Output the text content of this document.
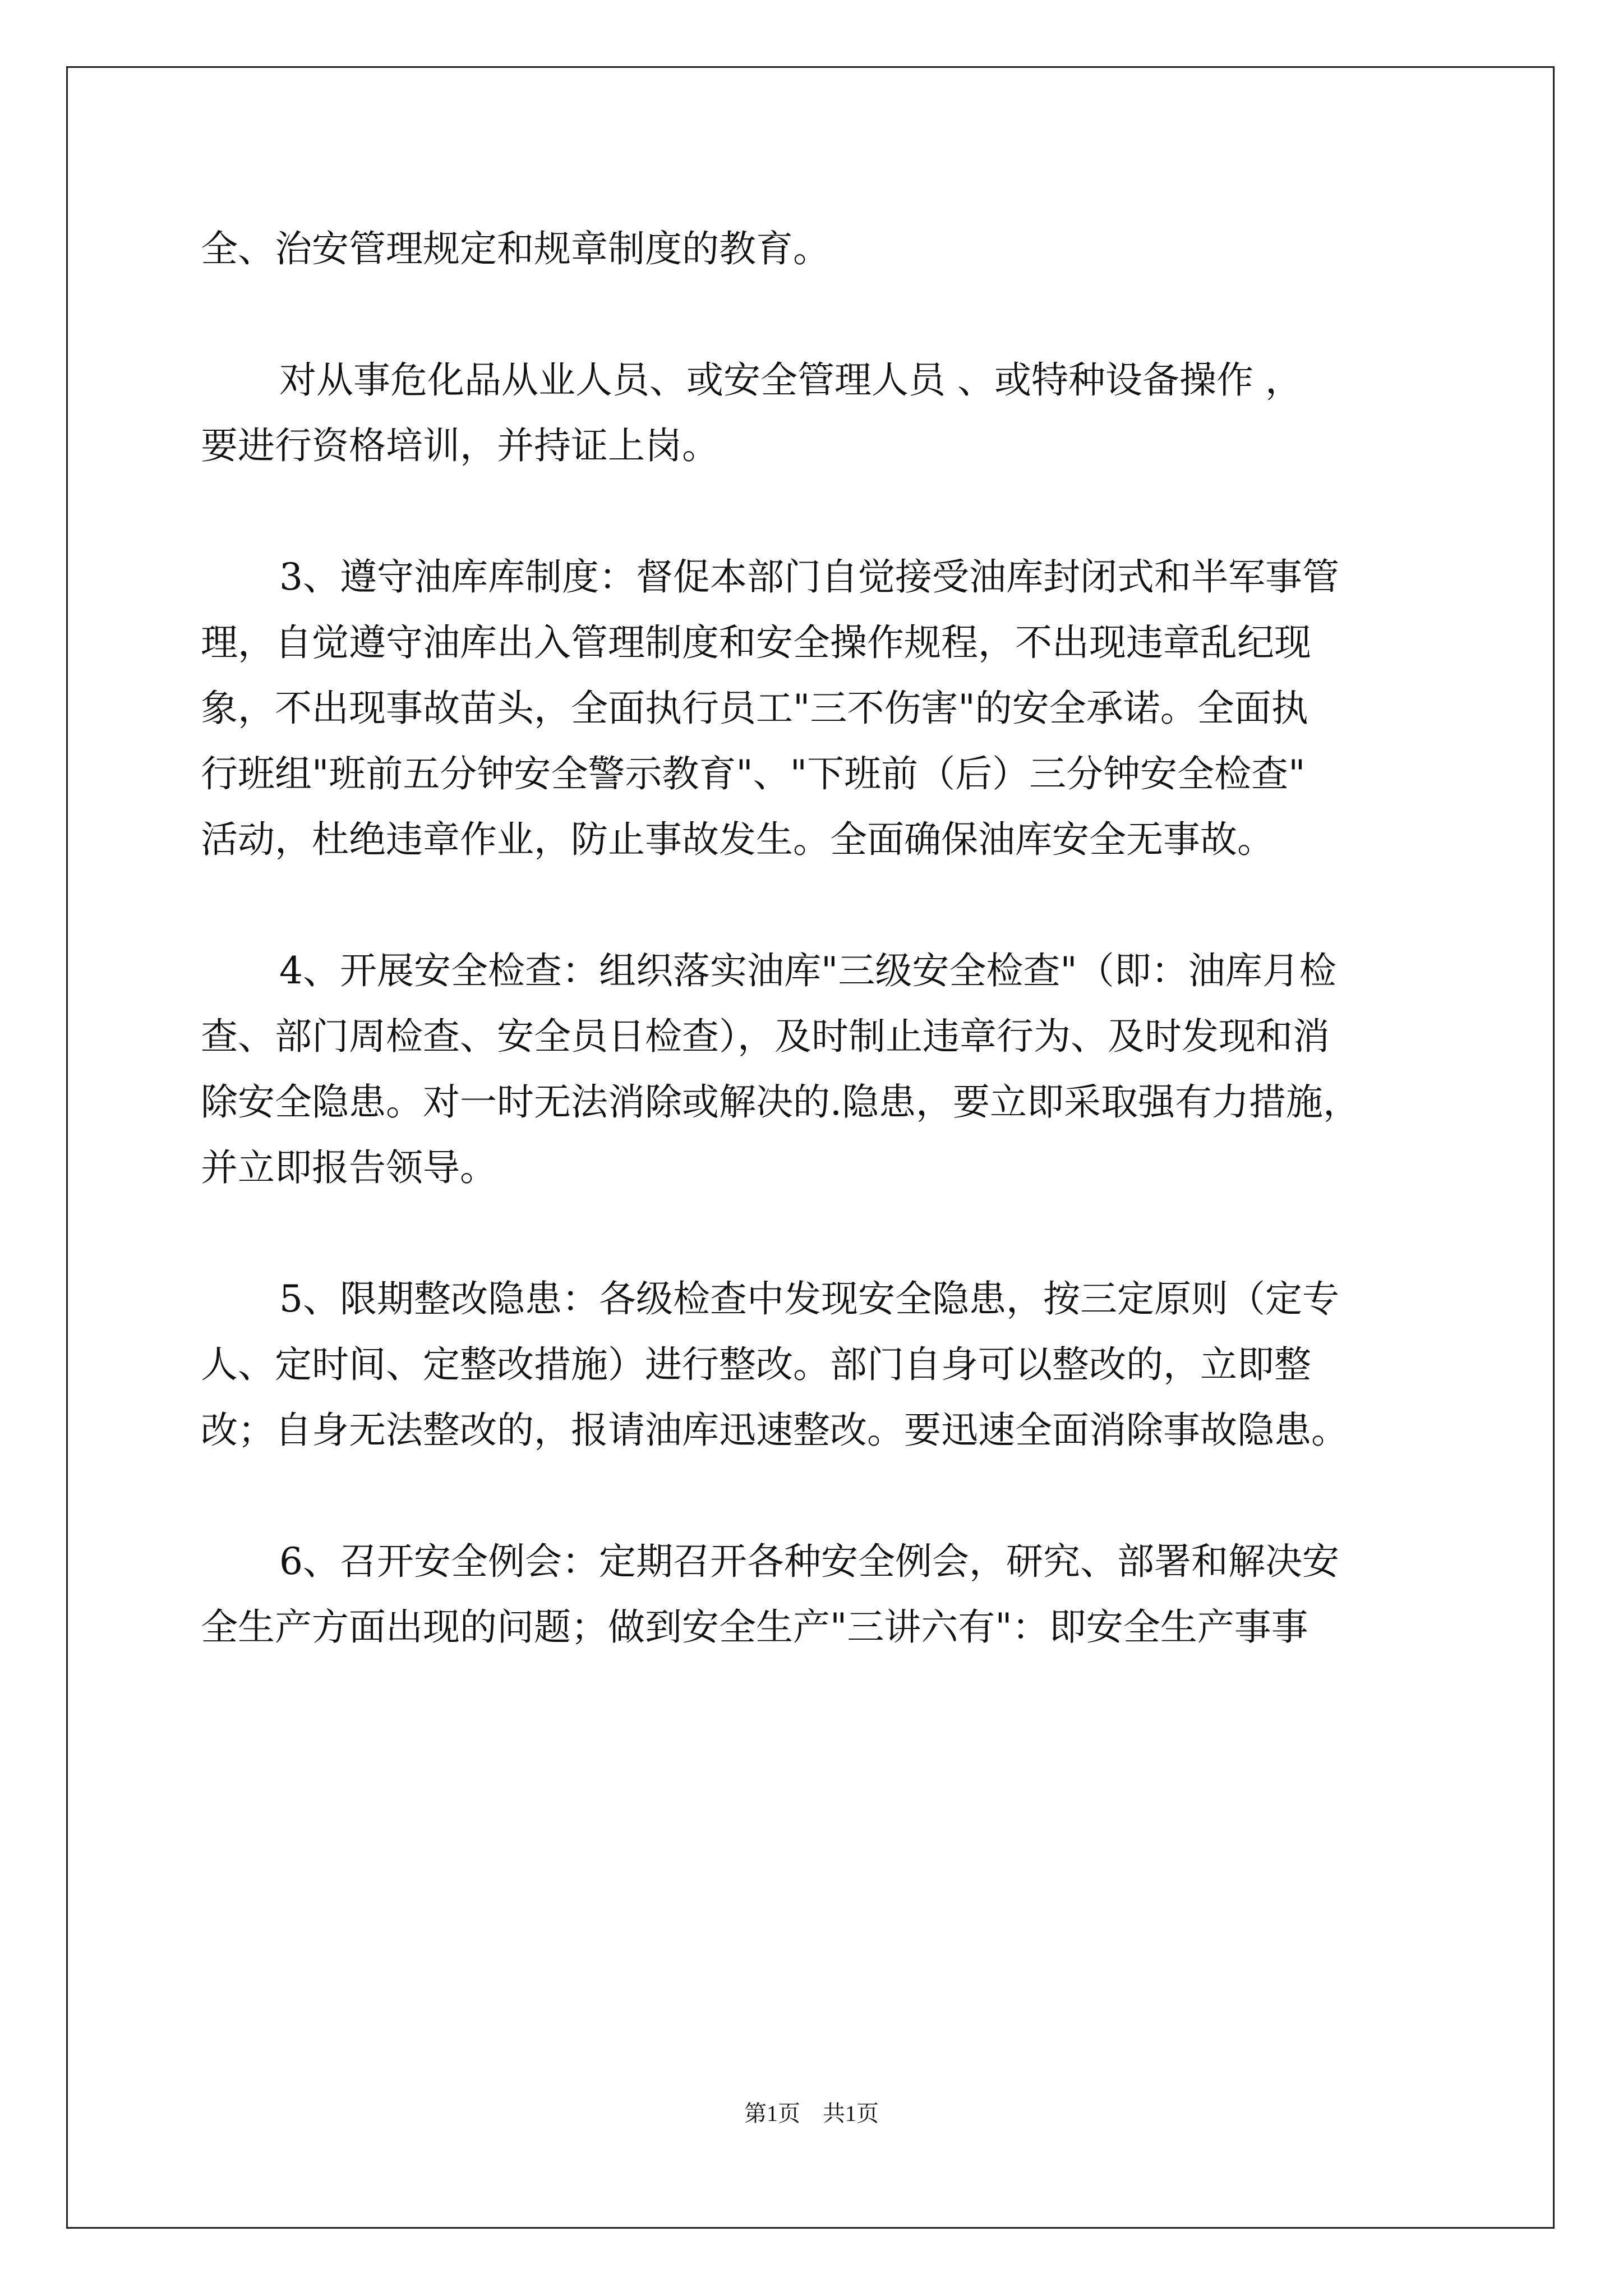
全、治安管理规定和规章制度的教育。
对从事危化品从业人员、或安全管理人员 、或特种设备操作 ，
要进行资格培训，并持证上岗。
3、遵守油库库制度：督促本部门自觉接受油库封闭式和半军事管
理，自觉遵守油库出入管理制度和安全操作规程，不出现违章乱纪现
象，不出现事故苗头，全面执行员工"三不伤害"的安全承诺。全面执
行班组"班前五分钟安全警示教育"、"下班前（后）三分钟安全检查"
活动，杜绝违章作业，防止事故发生。全面确保油库安全无事故。
4、开展安全检查：组织落实油库"三级安全检查"（即：油库月检
查、部门周检查、安全员日检查），及时制止违章行为、及时发现和消
除安全隐患。对一时无法消除或解决的.隐患，要立即采取强有力措施，
并立即报告领导。
5、限期整改隐患：各级检查中发现安全隐患，按三定原则（定专
人、定时间、定整改措施）进行整改。部门自身可以整改的，立即整
改；自身无法整改的，报请油库迅速整改。要迅速全面消除事故隐患。
6、召开安全例会：定期召开各种安全例会，研究、部署和解决安
全生产方面出现的问题；做到安全生产"三讲六有"：即安全生产事事
第1页　共1页
